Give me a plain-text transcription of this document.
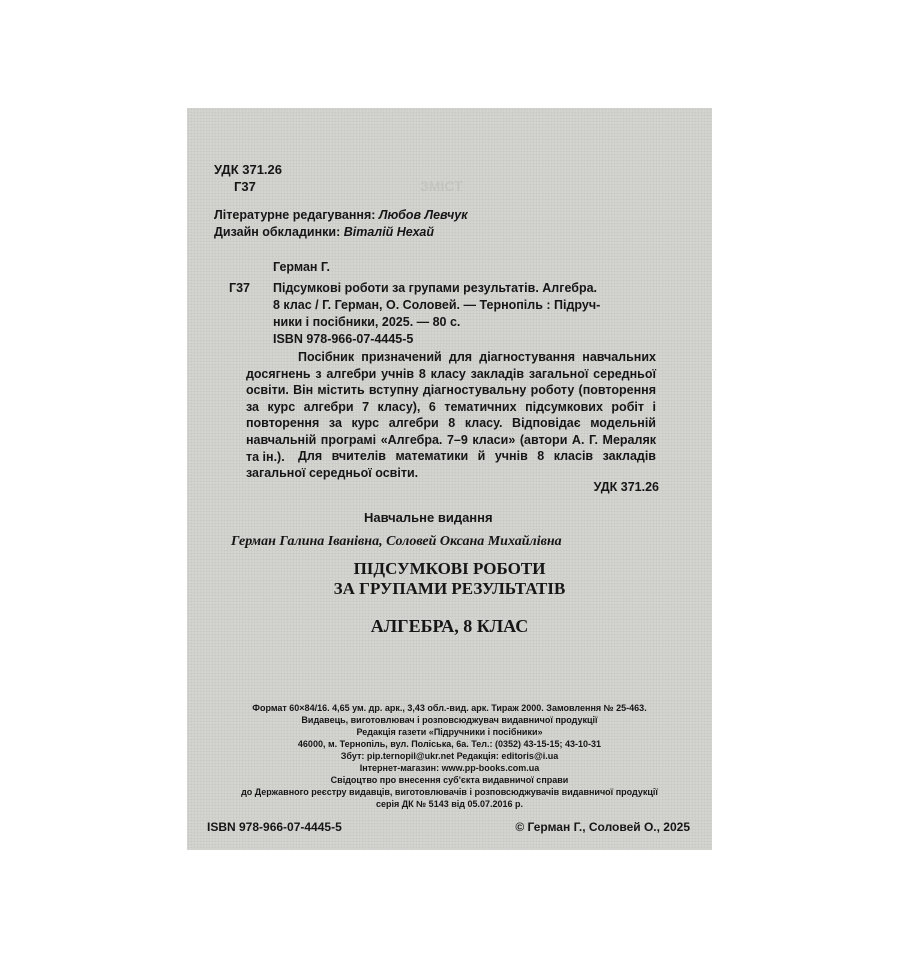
ЗМІСТ
УДК 371.26
Г37
Літературне редагування: Любов Левчук
Дизайн обкладинки: Віталій Нехай
Герман Г.
Г37 Підсумкові роботи за групами результатів. Алгебра.
8 клас / Г. Герман, О. Соловей. — Тернопіль : Підруч-
ники і посібники, 2025. — 80 с.
ISBN 978-966-07-4445-5
Посібник призначений для діагностування навчальних досягнень з алгебри учнів 8 класу закладів загальної середньої освіти. Він містить вступну діагностувальну роботу (повторення за курс алгебри 7 класу), 6 тематичних підсумкових робіт і повторення за курс алгебри 8 класу. Відповідає модельній навчальній програмі «Алгебра. 7–9 класи» (автори А. Г. Мераляк та ін.).	Для вчителів математики й учнів 8 класів закладів загальної середньої освіти.
УДК 371.26
Навчальне видання
Герман Галина Іванівна, Соловей Оксана Михайлівна
ПІДСУМКОВІ РОБОТИ
ЗА ГРУПАМИ РЕЗУЛЬТАТІВ
АЛГЕБРА, 8 КЛАС
Формат 60×84/16. 4,65 ум. др. арк., 3,43 обл.-вид. арк. Тираж 2000. Замовлення № 25-463.
Видавець, виготовлювач і розповсюджувач видавничої продукції
Редакція газети «Підручники і посібники»
46000, м. Тернопіль, вул. Поліська, 6а. Тел.: (0352) 43-15-15; 43-10-31
Збут: pip.ternopil@ukr.net Редакція: editoris@i.ua
Інтернет-магазин: www.pp-books.com.ua
Свідоцтво про внесення суб'єкта видавничої справи
до Державного реєстру видавців, виготовлювачів і розповсюджувачів видавничої продукції
серія ДК № 5143 від 05.07.2016 р.
ISBN 978-966-07-4445-5	© Герман Г., Соловей О., 2025
